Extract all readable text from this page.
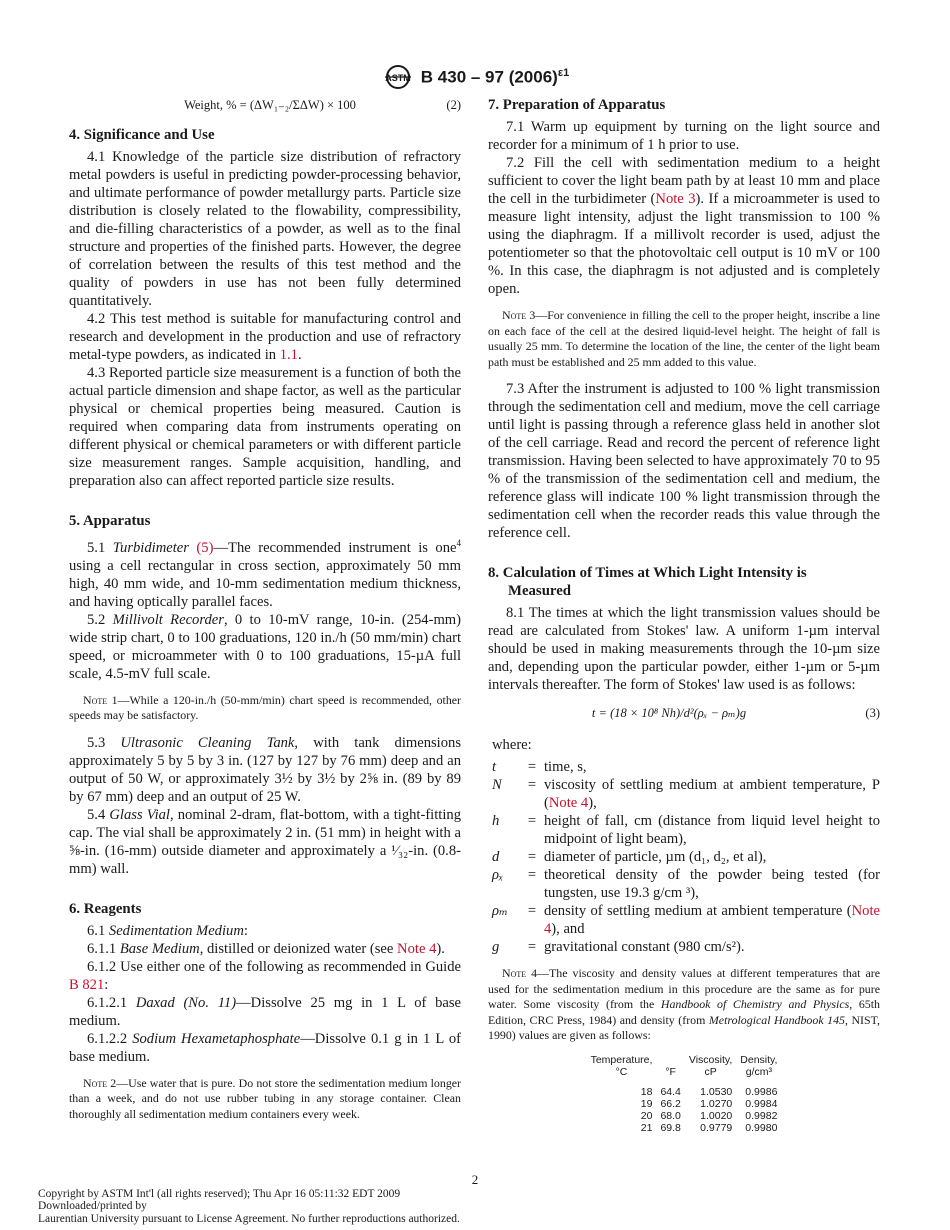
ASTM B 430 – 97 $(2006)^{\varepsilon 1}$
Weight, % = (ΔW₁₋₂/ΣΔW) × 100	(2)
4. Significance and Use

4.1 Knowledge of the particle size distribution of refractory metal powders is useful in predicting powder-processing behavior, and ultimate performance of powder metallurgy parts. Particle size distribution is closely related to the flowability, compressibility, and die-filling characteristics of a powder, as well as to the final structure and properties of the finished parts. However, the degree of correlation between the results of this test method and the quality of powders in use has not been fully determined quantitatively.

4.2 This test method is suitable for manufacturing control and research and development in the production and use of refractory metal-type powders, as indicated in 1.1.

4.3 Reported particle size measurement is a function of both the actual particle dimension and shape factor, as well as the particular physical or chemical properties being measured. Caution is required when comparing data from instruments operating on different physical or chemical parameters or with different particle size measurement ranges. Sample acquisition, handling, and preparation also can affect reported particle size results.

5. Apparatus

5.1 Turbidimeter (5)—The recommended instrument is one$^4$ using a cell rectangular in cross section, approximately 50 mm high, 40 mm wide, and 10-mm sedimentation medium thickness, and having optically parallel faces.

5.2 Millivolt Recorder, 0 to 10-mV range, 10-in. (254-mm) wide strip chart, 0 to 100 graduations, 120 in./h (50 mm/min) chart speed, or microammeter with 0 to 100 graduations, 15-µA full scale, 4.5-mV full scale.

Note 1—While a 120-in./h (50-mm/min) chart speed is recommended, other speeds may be satisfactory.

5.3 Ultrasonic Cleaning Tank, with tank dimensions approximately 5 by 5 by 3 in. (127 by 127 by 76 mm) deep and an output of 50 W, or approximately 3½ by 3½ by 2⅝ in. (89 by 89 by 67 mm) deep and an output of 25 W.

5.4 Glass Vial, nominal 2-dram, flat-bottom, with a tight-fitting cap. The vial shall be approximately 2 in. (51 mm) in height with a ⅝-in. (16-mm) outside diameter and approximately a ¹⁄₃₂-in. (0.8-mm) wall.

6. Reagents

6.1 Sedimentation Medium:

6.1.1 Base Medium, distilled or deionized water (see Note 4).

6.1.2 Use either one of the following as recommended in Guide B 821:

6.1.2.1 Daxad (No. 11)—Dissolve 25 mg in 1 L of base medium.

6.1.2.2 Sodium Hexametaphosphate—Dissolve 0.1 g in 1 L of base medium.

Note 2—Use water that is pure. Do not store the sedimentation medium longer than a week, and do not use rubber tubing in any storage container. Clean thoroughly all sedimentation medium containers every week.

7. Preparation of Apparatus

7.1 Warm up equipment by turning on the light source and recorder for a minimum of 1 h prior to use.

7.2 Fill the cell with sedimentation medium to a height sufficient to cover the light beam path by at least 10 mm and place the cell in the turbidimeter (Note 3). If a microammeter is used to measure light intensity, adjust the light transmission to 100 % using the diaphragm. If a millivolt recorder is used, adjust the potentiometer so that the photovoltaic cell output is 10 mV or 100 %. In this case, the diaphragm is not adjusted and is completely open.

Note 3—For convenience in filling the cell to the proper height, inscribe a line on each face of the cell at the desired liquid-level height. The height of fall is usually 25 mm. To determine the location of the line, the center of the light beam path must be established and 25 mm added to this value.

7.3 After the instrument is adjusted to 100 % light transmission through the sedimentation cell and medium, move the cell carriage until light is passing through a reference glass held in another slot of the cell carriage. Read and record the percent of reference light transmission. Having been selected to have approximately 70 to 95 % of the transmission of the sedimentation cell and medium, the reference glass will indicate 100 % light transmission through the sedimentation cell when the recorder reads this value through the reference cell.

8. Calculation of Times at Which Light Intensity is
Measured

8.1 The times at which the light transmission values should be read are calculated from Stokes' law. A uniform 1-µm interval should be used in making measurements through the 10-µm size and, depending upon the particular powder, either 1-µm or 5-µm intervals thereafter. The form of Stokes' law used is as follows:

t = (18 × 10⁸ Nh)/d²(ρₓ − ρₘ)g	(3)
where:
t	= time, s,
N	= viscosity of settling medium at ambient temperature, P (Note 4),
h	= height of fall, cm (distance from liquid level height to midpoint of light beam),
d	= diameter of particle, µm (d₁, d₂, et al),
ρₓ	= theoretical density of the powder being tested (for tungsten, use 19.3 g/cm ³),
ρₘ	= density of settling medium at ambient temperature (Note 4), and
g	= gravitational constant (980 cm/s²).

Note 4—The viscosity and density values at different temperatures that are used for the sedimentation medium in this procedure are the same as for pure water. Some viscosity (from the Handbook of Chemistry and Physics, 65th Edition, CRC Press, 1984) and density (from Metrological Handbook 145, NIST, 1990) values are given as follows:

Temperature,		Viscosity,	Density,
°C	°F	cP	g/cm³

18	64.4	1.0530	0.9986
19	66.2	1.0270	0.9984
20	68.0	1.0020	0.9982
21	69.8	0.9779	0.9980
2
Copyright by ASTM Int'l (all rights reserved); Thu Apr 16 05:11:32 EDT 2009
Downloaded/printed by
Laurentian University pursuant to License Agreement. No further reproductions authorized.
